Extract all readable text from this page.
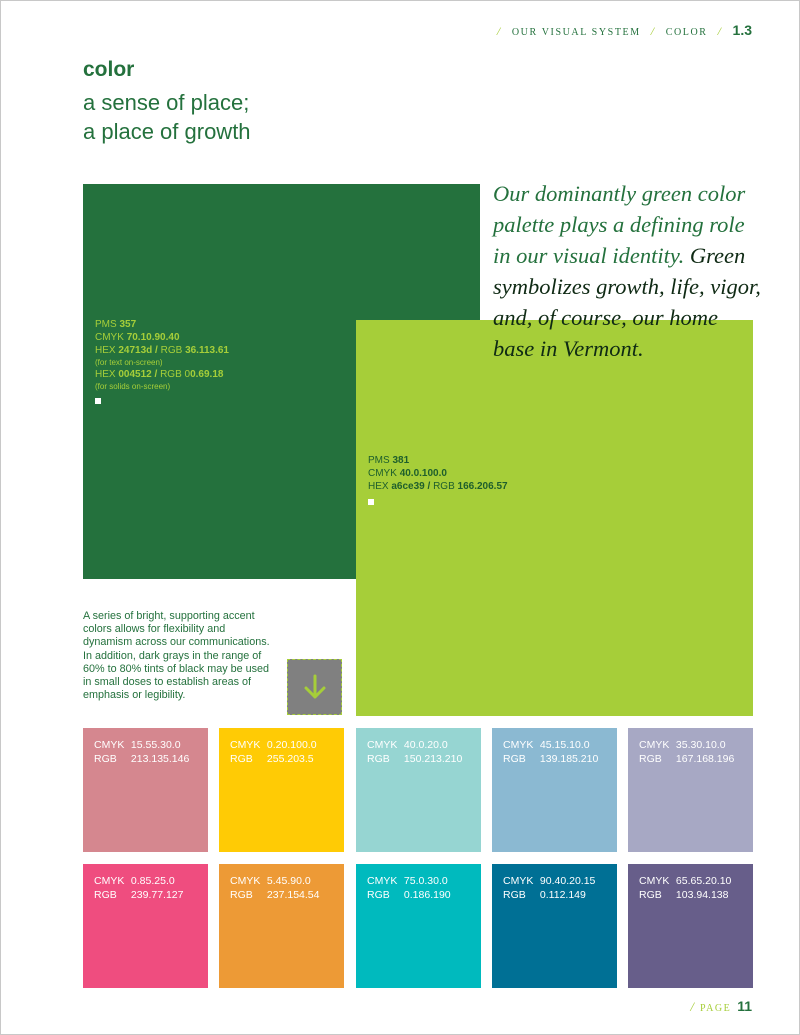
/ OUR VISUAL SYSTEM / COLOR / 1.3
color
a sense of place;
a place of growth
PMS 357
CMYK 70.10.90.40
HEX 24713d / RGB 36.113.61
(for text on-screen)
HEX 004512 / RGB 00.69.18
(for solids on-screen)
PMS 381
CMYK 40.0.100.0
HEX a6ce39 / RGB 166.206.57
Our dominantly green color palette plays a defining role in our visual identity. Green symbolizes growth, life, vigor, and, of course, our home base in Vermont.
A series of bright, supporting accent colors allows for flexibility and dynamism across our communications. In addition, dark grays in the range of 60% to 80% tints of black may be used in small doses to establish areas of emphasis or legibility.
CMYK 15.55.30.0
RGB 213.135.146
CMYK 0.20.100.0
RGB 255.203.5
CMYK 40.0.20.0
RGB 150.213.210
CMYK 45.15.10.0
RGB 139.185.210
CMYK 35.30.10.0
RGB 167.168.196
CMYK 0.85.25.0
RGB 239.77.127
CMYK 5.45.90.0
RGB 237.154.54
CMYK 75.0.30.0
RGB 0.186.190
CMYK 90.40.20.15
RGB 0.112.149
CMYK 65.65.20.10
RGB 103.94.138
/ PAGE 11
